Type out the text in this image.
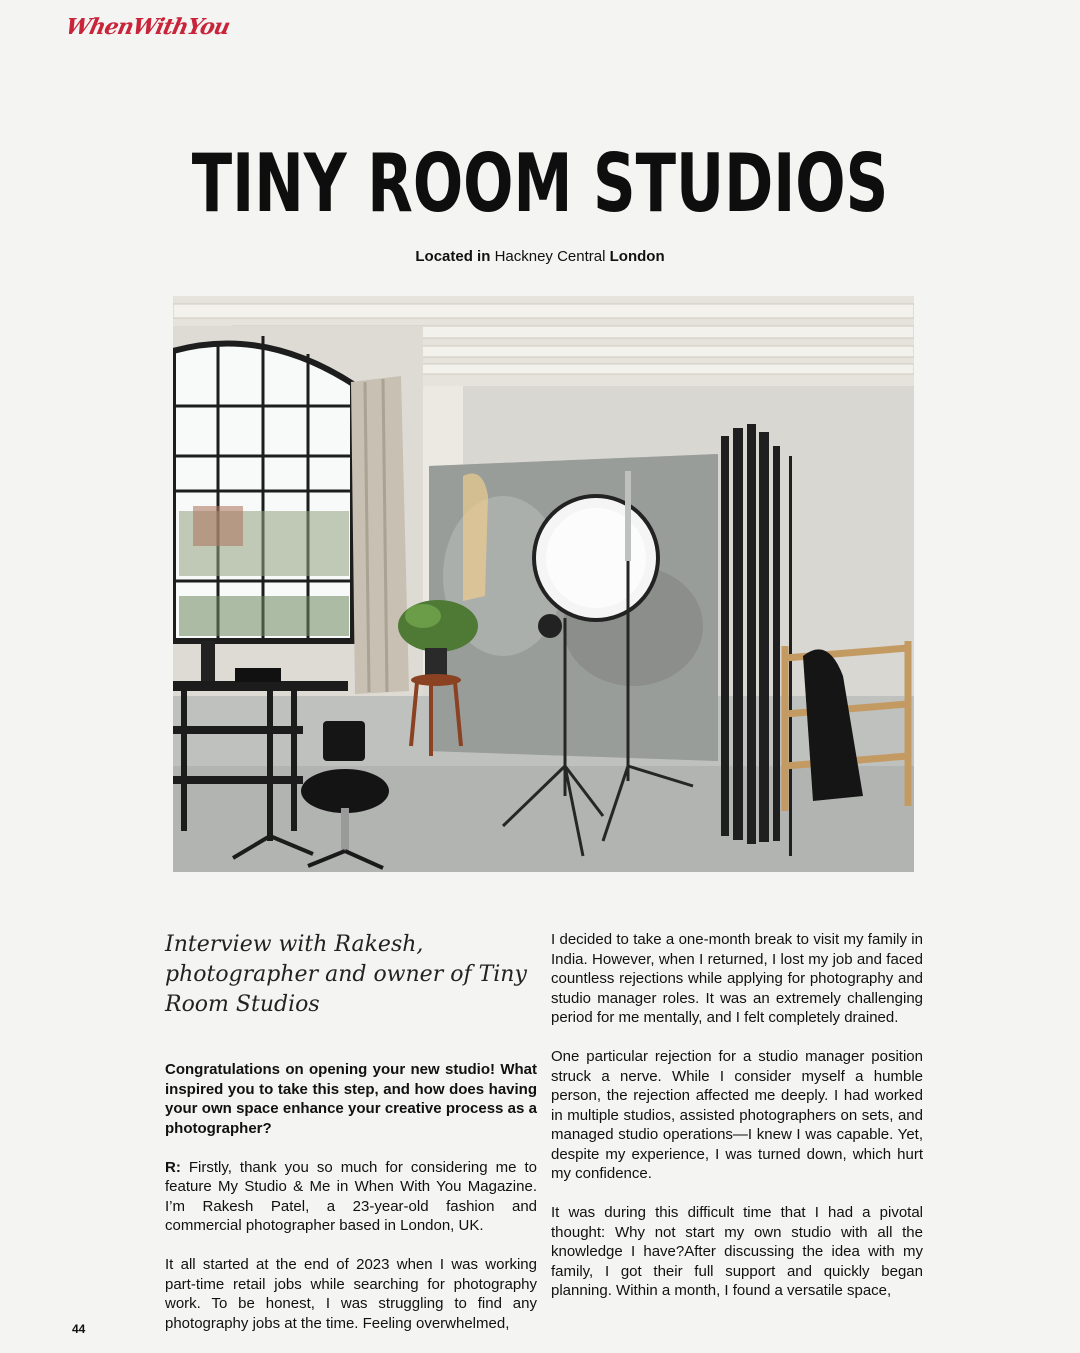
WhenWithYou
TINY ROOM STUDIOS
Located in Hackney Central London
Interview with Rakesh, photographer and owner of Tiny Room Studios

Congratulations on opening your new studio! What inspired you to take this step, and how does having your own space enhance your creative process as a photographer?

R: Firstly, thank you so much for considering me to feature My Studio & Me in When With You Magazine. I’m Rakesh Patel, a 23-year-old fashion and commercial photographer based in London, UK.

It all started at the end of 2023 when I was working part-time retail jobs while searching for photography work. To be honest, I was struggling to find any photography jobs at the time. Feeling overwhelmed,

I decided to take a one-month break to visit my family in India. However, when I returned, I lost my job and faced countless rejections while applying for photography and studio manager roles. It was an extremely challenging period for me mentally, and I felt completely drained.

One particular rejection for a studio manager position struck a nerve. While I consider myself a humble person, the rejection affected me deeply. I had worked in multiple studios, assisted photographers on sets, and managed studio operations—I knew I was capable. Yet, despite my experience, I was turned down, which hurt my confidence.

It was during this difficult time that I had a pivotal thought: Why not start my own studio with all the knowledge I have?After discussing the idea with my family, I got their full support and quickly began planning. Within a month, I found a versatile space,

44
